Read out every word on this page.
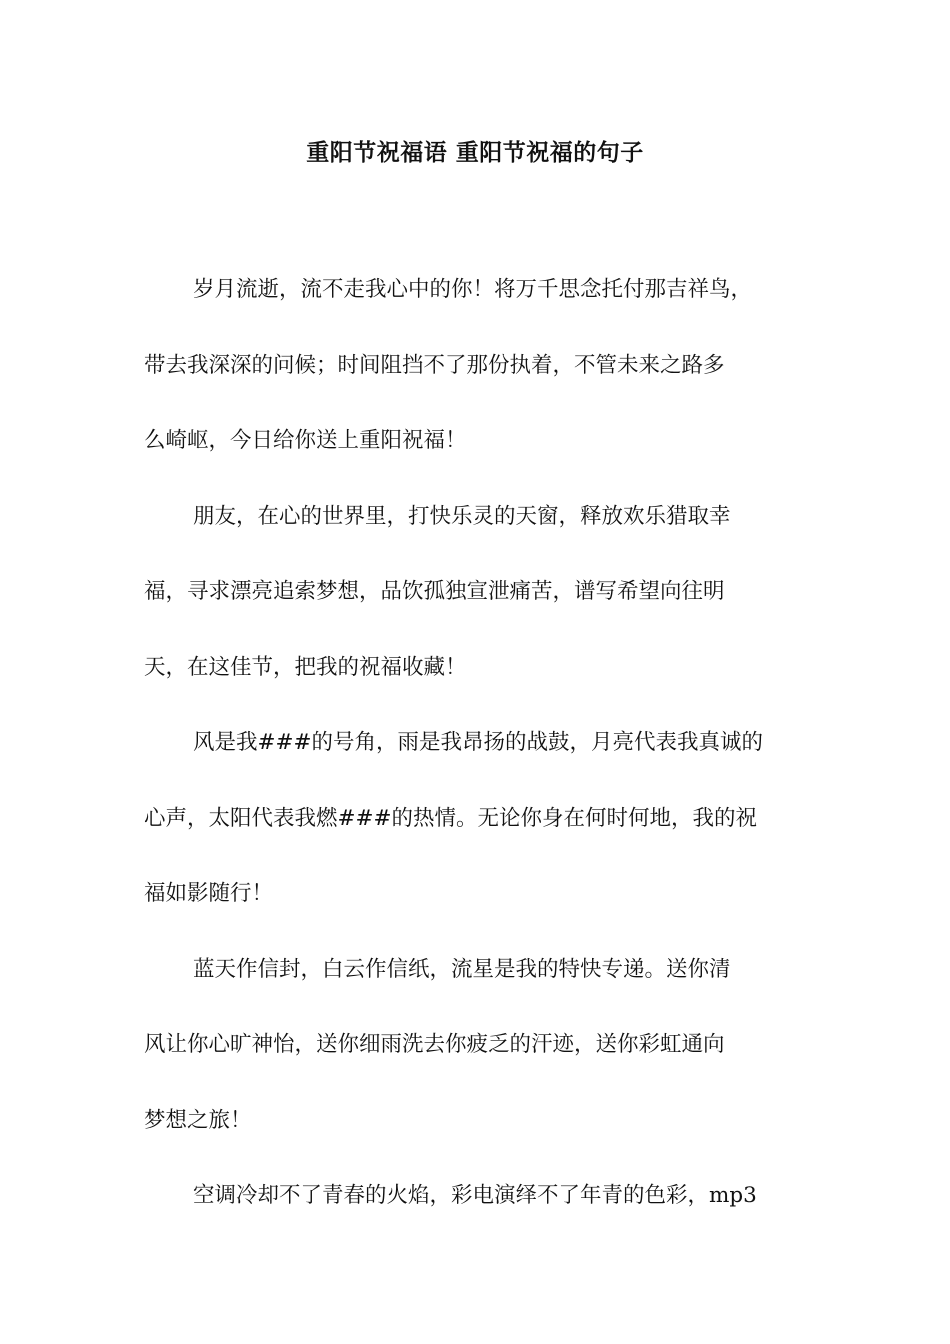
重阳节祝福语 重阳节祝福的句子

岁月流逝，流不走我心中的你！将万千思念托付那吉祥鸟，
带去我深深的问候；时间阻挡不了那份执着，不管未来之路多
么崎岖，今日给你送上重阳祝福！

朋友，在心的世界里，打快乐灵的天窗，释放欢乐猎取幸
福，寻求漂亮追索梦想，品饮孤独宣泄痛苦，谱写希望向往明
天，在这佳节，把我的祝福收藏！

风是我###的号角，雨是我昂扬的战鼓，月亮代表我真诚的
心声，太阳代表我燃###的热情。无论你身在何时何地，我的祝
福如影随行！

蓝天作信封，白云作信纸，流星是我的特快专递。送你清
风让你心旷神怡，送你细雨洗去你疲乏的汗迹，送你彩虹通向
梦想之旅！

空调冷却不了青春的火焰，彩电演绎不了年青的色彩，mp3
